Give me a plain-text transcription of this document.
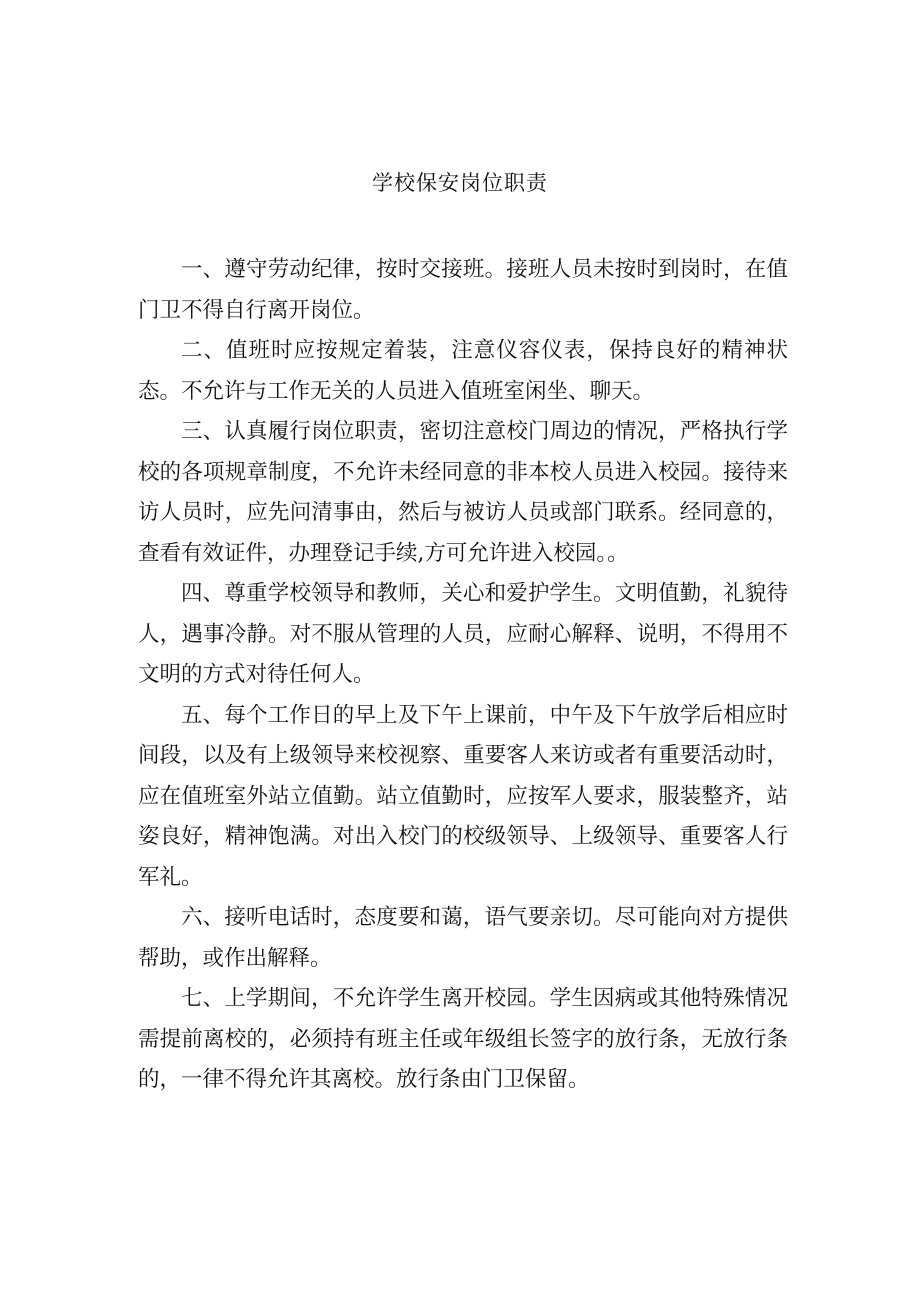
学校保安岗位职责

一、遵守劳动纪律，按时交接班。接班人员未按时到岗时，在值门卫不得自行离开岗位。

二、值班时应按规定着装，注意仪容仪表，保持良好的精神状态。不允许与工作无关的人员进入值班室闲坐、聊天。

三、认真履行岗位职责，密切注意校门周边的情况，严格执行学校的各项规章制度，不允许未经同意的非本校人员进入校园。接待来访人员时，应先问清事由，然后与被访人员或部门联系。经同意的，查看有效证件，办理登记手续,方可允许进入校园。。

四、尊重学校领导和教师，关心和爱护学生。文明值勤，礼貌待人，遇事冷静。对不服从管理的人员，应耐心解释、说明，不得用不文明的方式对待任何人。

五、每个工作日的早上及下午上课前，中午及下午放学后相应时间段，以及有上级领导来校视察、重要客人来访或者有重要活动时，应在值班室外站立值勤。站立值勤时，应按军人要求，服装整齐，站姿良好，精神饱满。对出入校门的校级领导、上级领导、重要客人行军礼。

六、接听电话时，态度要和蔼，语气要亲切。尽可能向对方提供帮助，或作出解释。

七、上学期间，不允许学生离开校园。学生因病或其他特殊情况需提前离校的，必须持有班主任或年级组长签字的放行条，无放行条的，一律不得允许其离校。放行条由门卫保留。
